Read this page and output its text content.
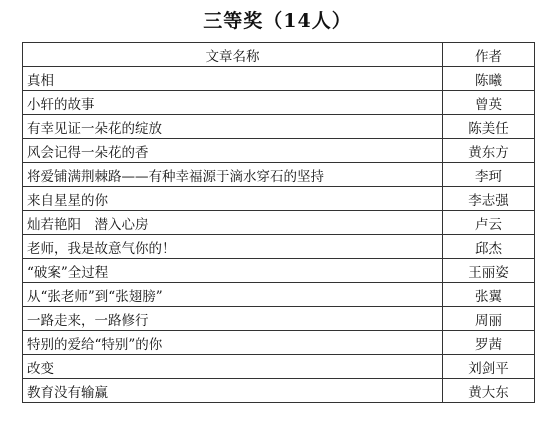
三等奖（14人）
文章名称	作者
真相	陈曦
小轩的故事	曾英
有幸见证一朵花的绽放	陈美任
风会记得一朵花的香	黄东方
将爱铺满荆棘路——有种幸福源于滴水穿石的坚持	李珂
来自星星的你	李志强
灿若艳阳　潜入心房	卢云
老师，我是故意气你的！	邱杰
“破案”全过程	王丽姿
从“张老师”到“张翅膀”	张翼
一路走来，一路修行	周丽
特别的爱给“特别”的你	罗茜
改变	刘剑平
教育没有输赢	黄大东
